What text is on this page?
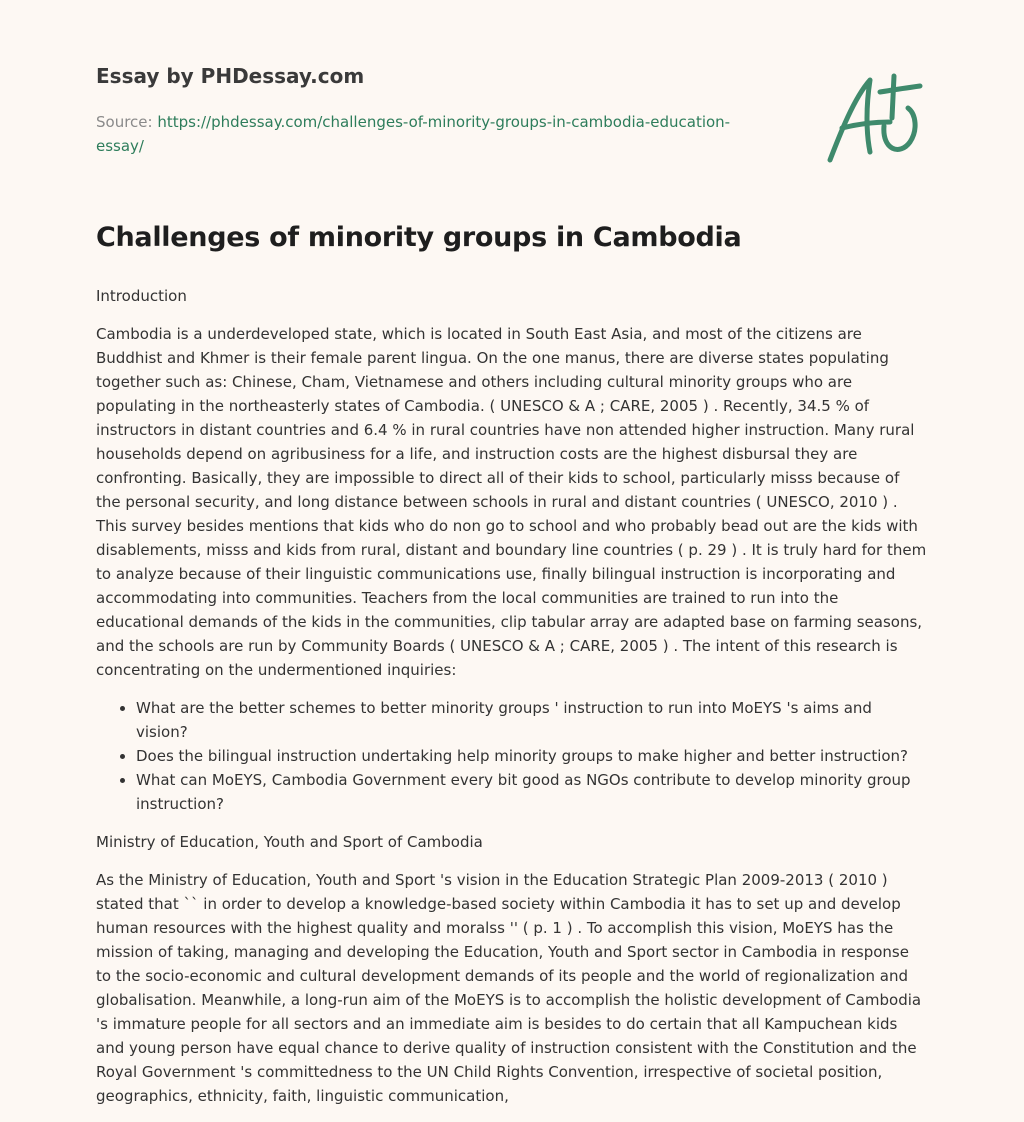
Essay by PHDessay.com
Source: https://phdessay.com/challenges-of-minority-groups-in-cambodia-education-essay/
Challenges of minority groups in Cambodia

Introduction

Cambodia is a underdeveloped state, which is located in South East Asia, and most of the citizens are Buddhist and Khmer is their female parent lingua. On the one manus, there are diverse states populating together such as: Chinese, Cham, Vietnamese and others including cultural minority groups who are populating in the northeasterly states of Cambodia. ( UNESCO & A ; CARE, 2005 ) . Recently, 34.5 % of instructors in distant countries and 6.4 % in rural countries have non attended higher instruction. Many rural households depend on agribusiness for a life, and instruction costs are the highest disbursal they are confronting. Basically, they are impossible to direct all of their kids to school, particularly misss because of the personal security, and long distance between schools in rural and distant countries ( UNESCO, 2010 ) . This survey besides mentions that kids who do non go to school and who probably bead out are the kids with disablements, misss and kids from rural, distant and boundary line countries ( p. 29 ) . It is truly hard for them to analyze because of their linguistic communications use, finally bilingual instruction is incorporating and accommodating into communities. Teachers from the local communities are trained to run into the educational demands of the kids in the communities, clip tabular array are adapted base on farming seasons, and the schools are run by Community Boards ( UNESCO & A ; CARE, 2005 ) . The intent of this research is concentrating on the undermentioned inquiries:

• What are the better schemes to better minority groups ' instruction to run into MoEYS 's aims and vision?
• Does the bilingual instruction undertaking help minority groups to make higher and better instruction?
• What can MoEYS, Cambodia Government every bit good as NGOs contribute to develop minority group instruction?

Ministry of Education, Youth and Sport of Cambodia

As the Ministry of Education, Youth and Sport 's vision in the Education Strategic Plan 2009-2013 ( 2010 ) stated that `` in order to develop a knowledge-based society within Cambodia it has to set up and develop human resources with the highest quality and moralss '' ( p. 1 ) . To accomplish this vision, MoEYS has the mission of taking, managing and developing the Education, Youth and Sport sector in Cambodia in response to the socio-economic and cultural development demands of its people and the world of regionalization and globalisation. Meanwhile, a long-run aim of the MoEYS is to accomplish the holistic development of Cambodia 's immature people for all sectors and an immediate aim is besides to do certain that all Kampuchean kids and young person have equal chance to derive quality of instruction consistent with the Constitution and the Royal Government 's committedness to the UN Child Rights Convention, irrespective of societal position, geographics, ethnicity, faith, linguistic communication,
